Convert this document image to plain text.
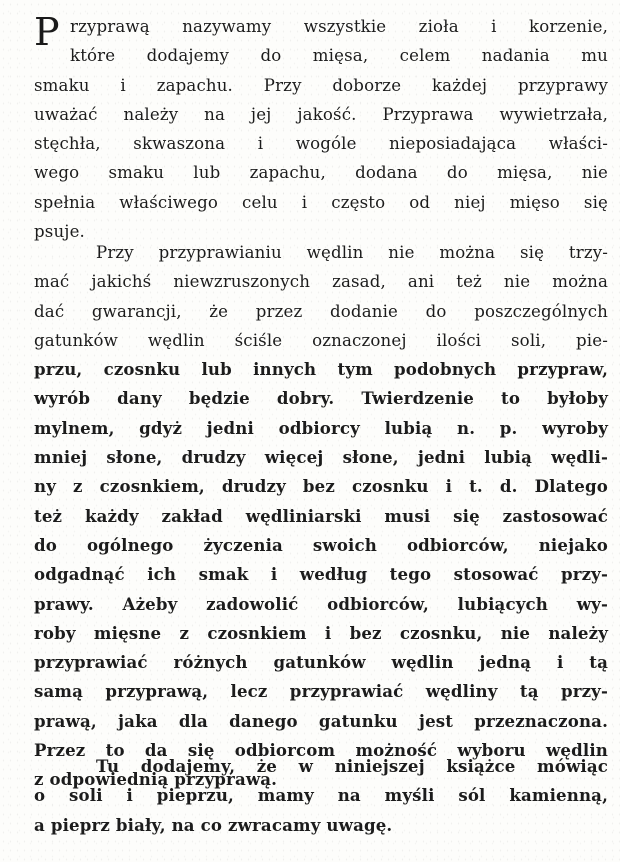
P rzyprawą nazywamy wszystkie zioła i korzenie,
które dodajemy do mięsa, celem nadania mu
smaku i zapachu. Przy doborze każdej przyprawy
uważać należy na jej jakość. Przyprawa wywietrzała,
stęchła, skwaszona i wogóle nieposiadająca właści-
wego smaku lub zapachu, dodana do mięsa, nie
spełnia właściwego celu i często od niej mięso się
psuje.
Przy przyprawianiu wędlin nie można się trzy-
mać jakichś niewzruszonych zasad, ani też nie można
dać gwarancji, że przez dodanie do poszczególnych
gatunków wędlin ściśle oznaczonej ilości soli, pie-
przu, czosnku lub innych tym podobnych przypraw,
wyrób dany będzie dobry. Twierdzenie to byłoby
mylnem, gdyż jedni odbiorcy lubią n. p. wyroby
mniej słone, drudzy więcej słone, jedni lubią wędli-
ny z czosnkiem, drudzy bez czosnku i t. d. Dlatego
też każdy zakład wędliniarski musi się zastosować
do ogólnego życzenia swoich odbiorców, niejako
odgadnąć ich smak i według tego stosować przy-
prawy. Ażeby zadowolić odbiorców, lubiących wy-
roby mięsne z czosnkiem i bez czosnku, nie należy
przyprawiać różnych gatunków wędlin jedną i tą
samą przyprawą, lecz przyprawiać wędliny tą przy-
prawą, jaka dla danego gatunku jest przeznaczona.
Przez to da się odbiorcom możność wyboru wędlin
z odpowiednią przyprawą.
Tu dodajemy, że w niniejszej książce mówiąc
o soli i pieprzu, mamy na myśli sól kamienną,
a pieprz biały, na co zwracamy uwagę.
